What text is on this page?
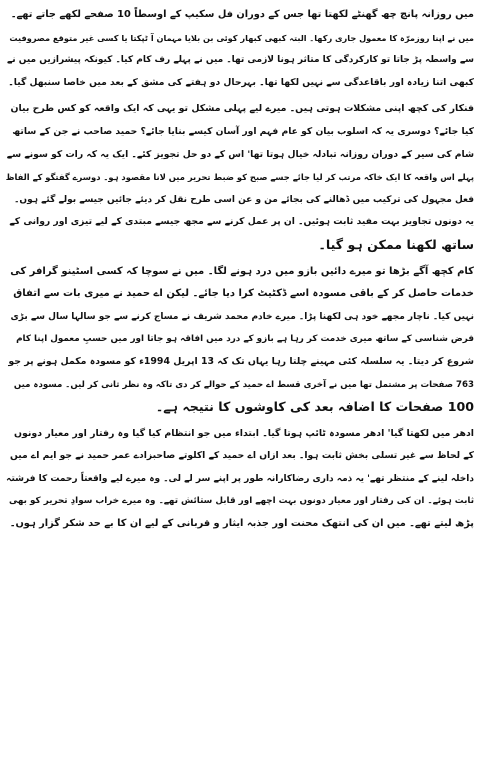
میں روزانہ پانچ چھ گھنٹے لکھتا تھا جس کے دوران فل سکیپ کے اوسطاً 10 صفحے لکھے جاتے تھے۔
میں نے اپنا روزمرّہ کا معمول جاری رکھا۔ البتہ کبھی کبھار کوئی بن بلایا مہمان آ ٹپکتا یا کسی غیر متوقع مصروفیت
سے واسطہ پڑ جاتا تو کارکردگی کا متاثر ہونا لازمی تھا۔ میں نے پہلے رف کام کیا۔ کیونکہ پیشرازیں میں نے
کبھی اتنا زیادہ اور باقاعدگی سے نہیں لکھا تھا۔ بہرحال دو ہفتے کی مشق کے بعد میں خاصا سنبھل گیا۔
فنکار کی کچھ اپنی مشکلات ہوتی ہیں۔ میرے لیے پہلی مشکل تو یہی کہ ایک واقعہ کو کس طرح بیان
کیا جائے؟ دوسری یہ کہ اسلوب بیان کو عام فہم اور آسان کیسے بنایا جائے؟ حمید صاحب نے جن کے ساتھ
شام کی سیر کے دوران روزانہ تبادلہ خیال ہوتا تھا' اس کے دو حل تجویز کئے۔ ایک یہ کہ رات کو سونے سے
پہلے اس واقعہ کا ایک خاکہ مرتب کر لیا جائے جسے صبح کو ضبط تحریر میں لانا مقصود ہو۔ دوسرے گفتگو کے الفاظ
فعل مجہول کی ترکیب میں ڈھالنے کی بجائے من و عن اسی طرح نقل کر دیئے جائیں جیسے بولے گئے ہوں۔
یہ دونوں تجاویز بہت مفید ثابت ہوئیں۔ ان پر عمل کرنے سے مجھ جیسے مبتدی کے لیے تیزی اور روانی کے
ساتھ لکھنا ممکن ہو گیا۔
کام کچھ آگے بڑھا تو میرے دائیں بازو میں درد ہونے لگا۔ میں نے سوچا کہ کسی اسٹینو گرافر کی
خدمات حاصل کر کے باقی مسودہ اسے ڈکٹیٹ کرا دیا جائے۔ لیکن اے حمید نے میری بات سے اتفاق
نہیں کیا۔ ناچار مجھے خود ہی لکھنا پڑا۔ میرے خادم محمد شریف نے مساج کرنے سے جو سالہا سال سے بڑی
فرض شناسی کے ساتھ میری خدمت کر رہا ہے بازو کے درد میں افاقہ ہو جاتا اور میں حسبِ معمول اپنا کام
شروع کر دیتا۔ یہ سلسلہ کئی مہینے چلتا رہا یہاں تک کہ 13 اپریل 1994ء کو مسودہ مکمل ہونے پر جو
763 صفحات پر مشتمل تھا میں نے آخری قسط اے حمید کے حوالے کر دی تاکہ وہ نظر ثانی کر لیں۔ مسودہ میں
100 صفحات کا اضافہ بعد کی کاوشوں کا نتیجہ ہے۔
ادھر میں لکھتا گیا' ادھر مسودہ ٹائپ ہوتا گیا۔ ابتداء میں جو انتظام کیا گیا وہ رفتار اور معیار دونوں
کے لحاظ سے غیر تسلی بخش ثابت ہوا۔ بعد ازاں اے حمید کے اکلوتے صاحبزادے عمر حمید نے جو ایم اے میں
داخلہ لینے کے منتظر تھے' یہ ذمہ داری رضاکارانہ طور پر اپنے سر لے لی۔ وہ میرے لیے واقعتاً رحمت کا فرشتہ
ثابت ہوئے۔ ان کی رفتار اور معیار دونوں بہت اچھے اور قابل ستائش تھے۔ وہ میرے خراب سوادِ تحریر کو بھی
پڑھ لیتے تھے۔ میں ان کی انتھک محنت اور جذبہ ایثار و قربانی کے لیے ان کا بے حد شکر گزار ہوں۔
